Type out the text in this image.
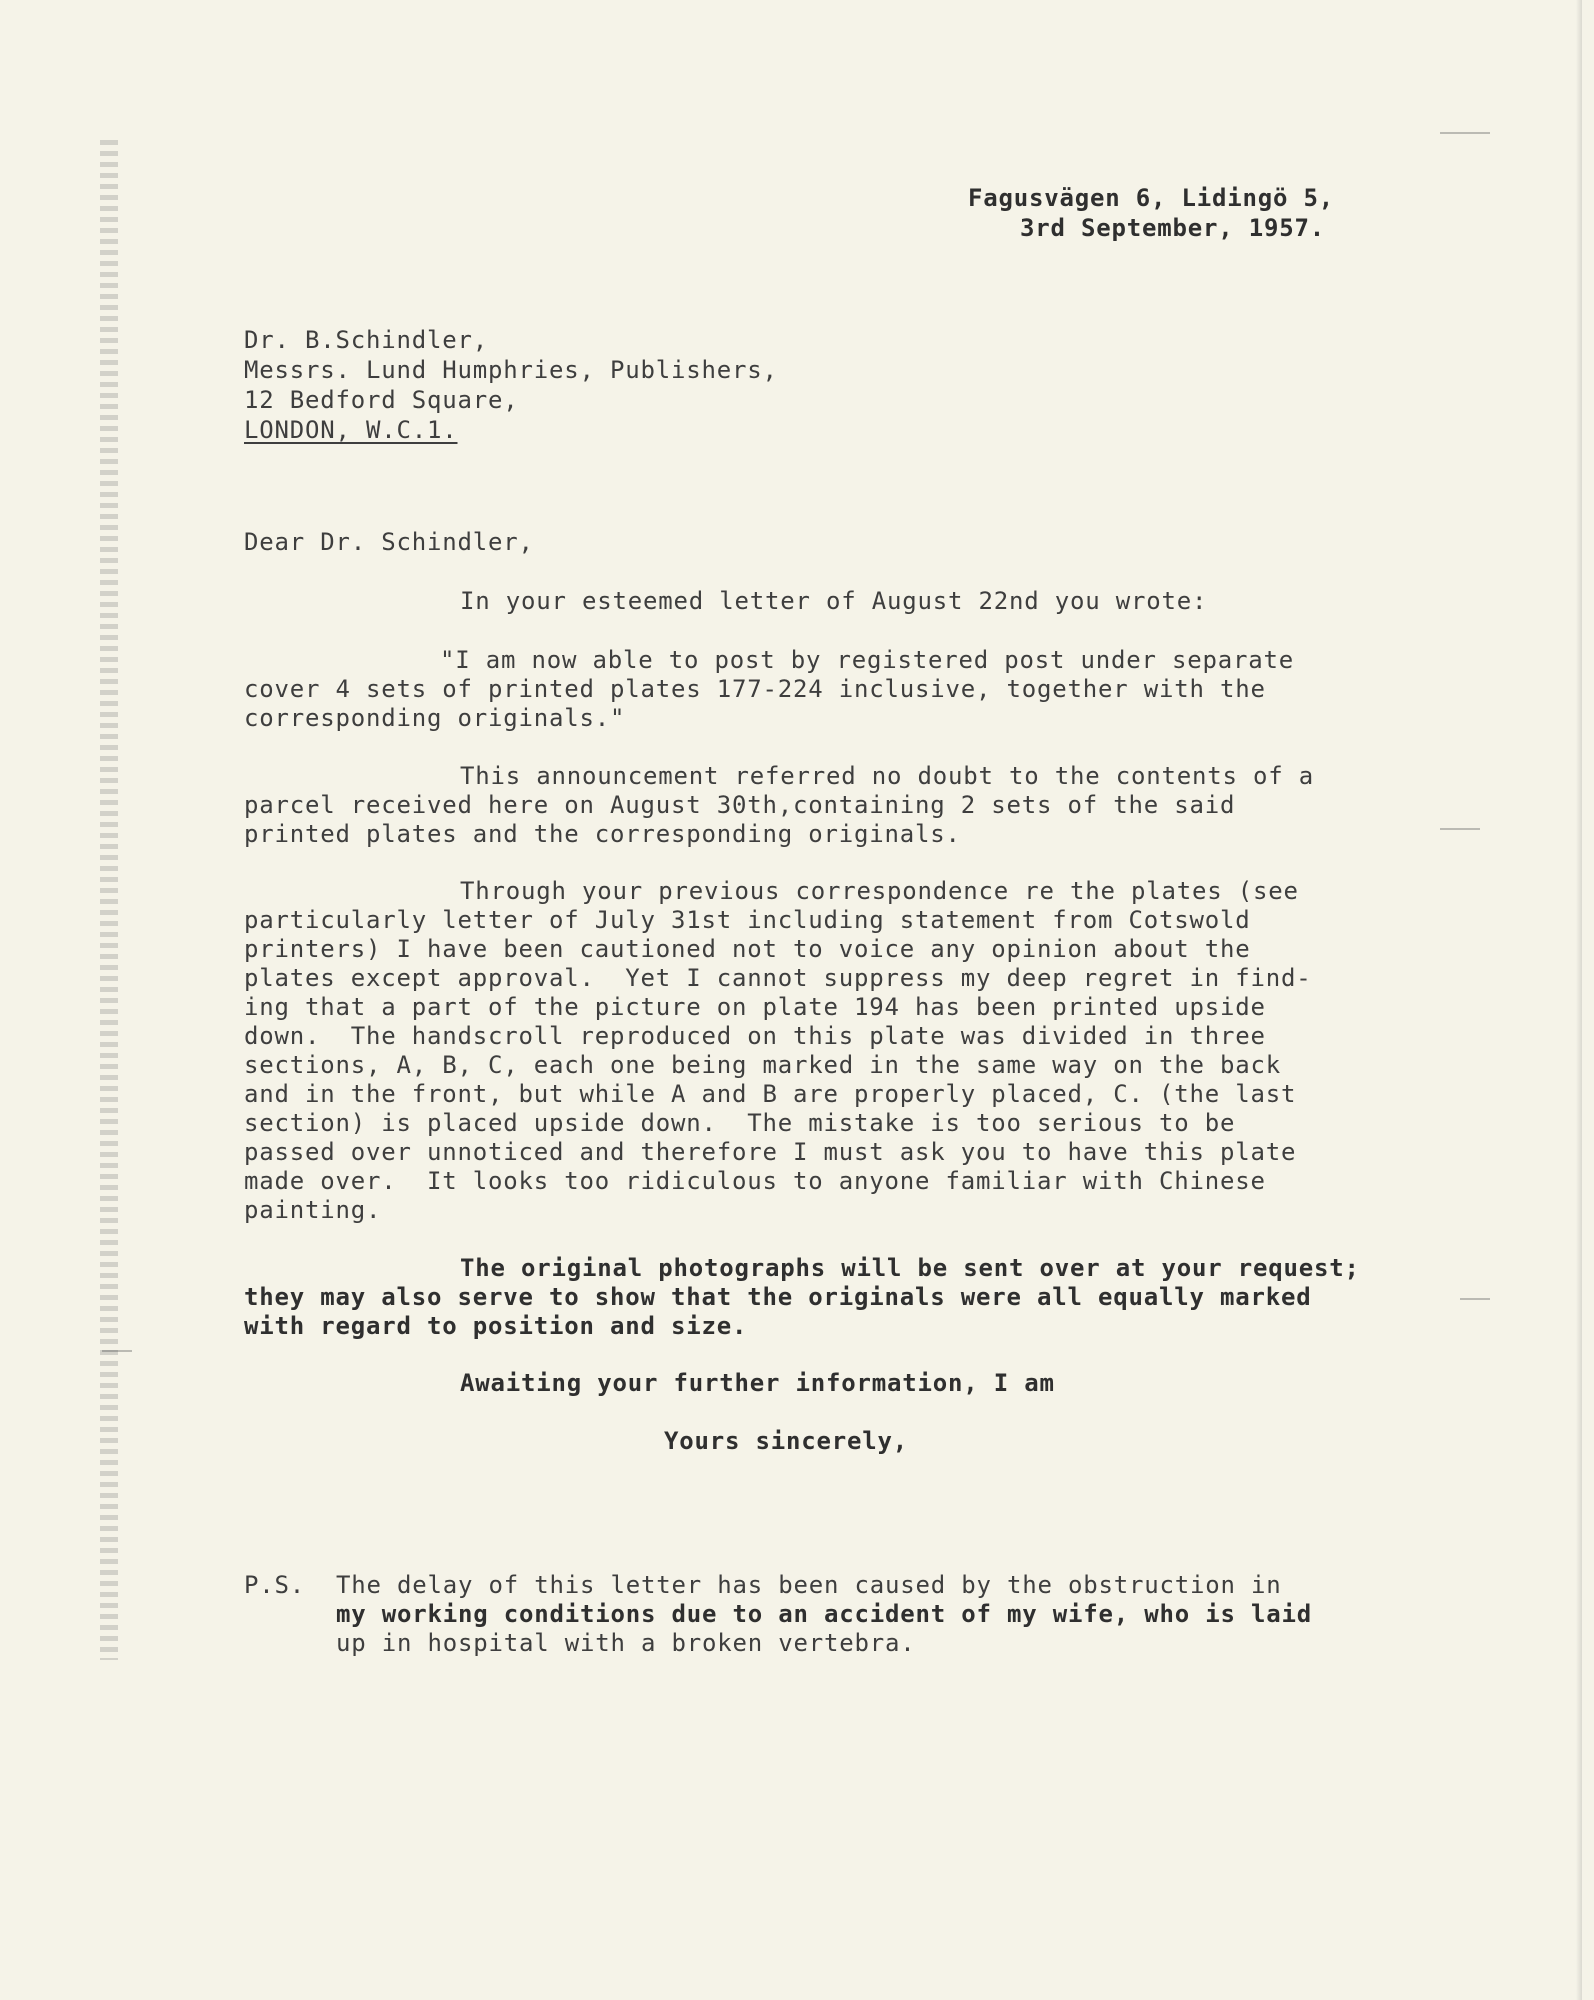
Fagusvägen 6, Lidingö 5,
3rd September, 1957.
Dr. B.Schindler,
Messrs. Lund Humphries, Publishers,
12 Bedford Square,
LONDON, W.C.1.
Dear Dr. Schindler,
In your esteemed letter of August 22nd you wrote:
"I am now able to post by registered post under separate
cover 4 sets of printed plates 177-224 inclusive, together with the
corresponding originals."
This announcement referred no doubt to the contents of a
parcel received here on August 30th,containing 2 sets of the said
printed plates and the corresponding originals.
Through your previous correspondence re the plates (see
particularly letter of July 31st including statement from Cotswold
printers) I have been cautioned not to voice any opinion about the
plates except approval.  Yet I cannot suppress my deep regret in find-
ing that a part of the picture on plate 194 has been printed upside
down.  The handscroll reproduced on this plate was divided in three
sections, A, B, C, each one being marked in the same way on the back
and in the front, but while A and B are properly placed, C. (the last
section) is placed upside down.  The mistake is too serious to be
passed over unnoticed and therefore I must ask you to have this plate
made over.  It looks too ridiculous to anyone familiar with Chinese
painting.
The original photographs will be sent over at your request;
they may also serve to show that the originals were all equally marked
with regard to position and size.
Awaiting your further information, I am
Yours sincerely,
P.S. The delay of this letter has been caused by the obstruction in
my working conditions due to an accident of my wife, who is laid
up in hospital with a broken vertebra.
